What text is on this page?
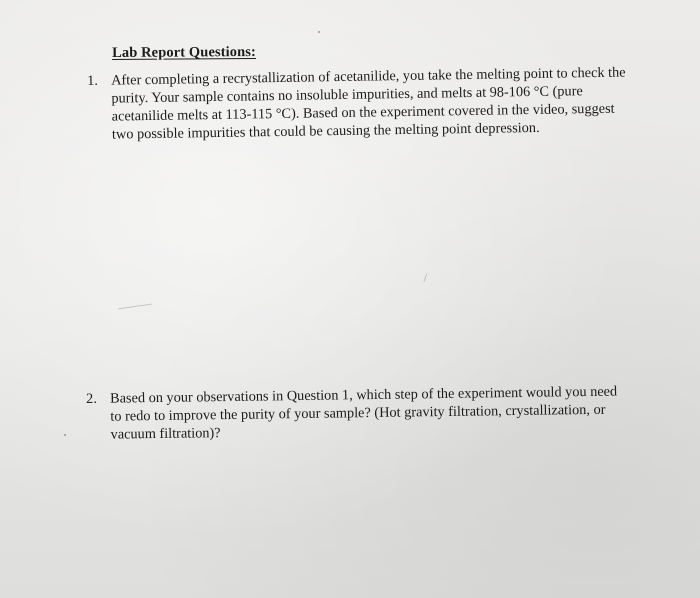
Lab Report Questions:
1. After completing a recrystallization of acetanilide, you take the melting point to check the
purity. Your sample contains no insoluble impurities, and melts at 98-106 °C (pure
acetanilide melts at 113-115 °C). Based on the experiment covered in the video, suggest
two possible impurities that could be causing the melting point depression.
2. Based on your observations in Question 1, which step of the experiment would you need
to redo to improve the purity of your sample? (Hot gravity filtration, crystallization, or
vacuum filtration)?
